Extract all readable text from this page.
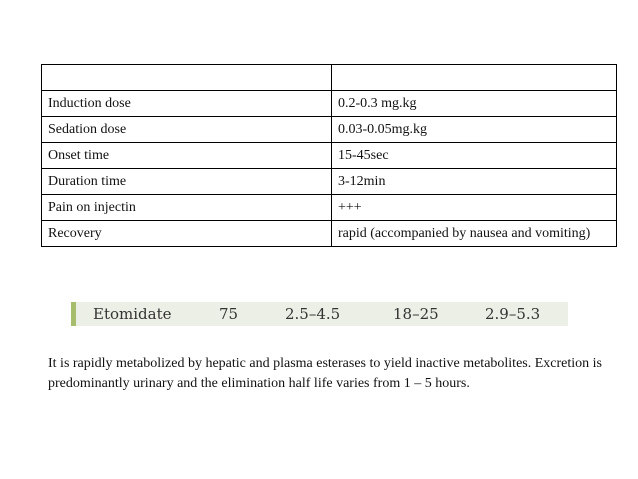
Induction dose	0.2-0.3 mg.kg
Sedation dose	0.03-0.05mg.kg
Onset time	15-45sec
Duration time	3-12min
Pain on injectin	+++
Recovery	rapid (accompanied by nausea and vomiting)
Etomidate	75	2.5–4.5	18–25	2.9–5.3

It is rapidly metabolized by hepatic and plasma esterases to yield inactive metabolites. Excretion is predominantly urinary and the elimination half life varies from 1 – 5 hours.
